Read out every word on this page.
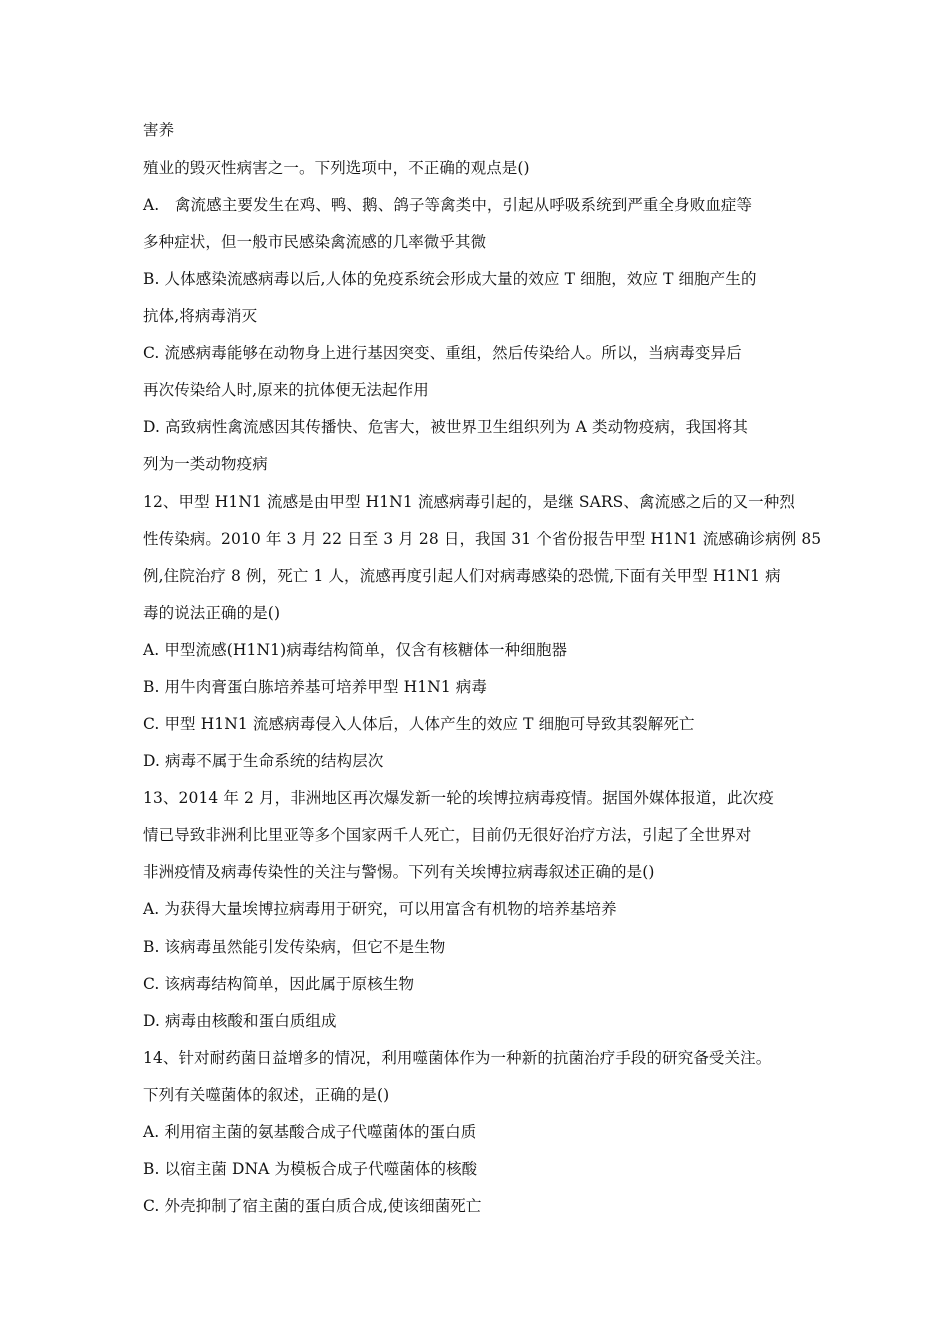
害养
殖业的毁灭性病害之一。下列选项中，不正确的观点是()
A.　禽流感主要发生在鸡、鸭、鹅、鸽子等禽类中，引起从呼吸系统到严重全身败血症等
多种症状，但一般市民感染禽流感的几率微乎其微
B. 人体感染流感病毒以后,人体的免疫系统会形成大量的效应 T 细胞，效应 T 细胞产生的
抗体,将病毒消灭
C. 流感病毒能够在动物身上进行基因突变、重组，然后传染给人。所以，当病毒变异后
再次传染给人时,原来的抗体便无法起作用
D. 高致病性禽流感因其传播快、危害大，被世界卫生组织列为 A 类动物疫病，我国将其
列为一类动物疫病
12、甲型 H1N1 流感是由甲型 H1N1 流感病毒引起的，是继 SARS、禽流感之后的又一种烈
性传染病。2010 年 3 月 22 日至 3 月 28 日，我国 31 个省份报告甲型 H1N1 流感确诊病例 85
例,住院治疗 8 例，死亡 1 人，流感再度引起人们对病毒感染的恐慌,下面有关甲型 H1N1 病
毒的说法正确的是()
A. 甲型流感(H1N1)病毒结构简单，仅含有核糖体一种细胞器
B. 用牛肉膏蛋白胨培养基可培养甲型 H1N1 病毒
C. 甲型 H1N1 流感病毒侵入人体后，人体产生的效应 T 细胞可导致其裂解死亡
D. 病毒不属于生命系统的结构层次
13、2014 年 2 月，非洲地区再次爆发新一轮的埃博拉病毒疫情。据国外媒体报道，此次疫
情已导致非洲利比里亚等多个国家两千人死亡，目前仍无很好治疗方法，引起了全世界对
非洲疫情及病毒传染性的关注与警惕。下列有关埃博拉病毒叙述正确的是()
A. 为获得大量埃博拉病毒用于研究，可以用富含有机物的培养基培养
B. 该病毒虽然能引发传染病，但它不是生物
C. 该病毒结构简单，因此属于原核生物
D. 病毒由核酸和蛋白质组成
14、针对耐药菌日益增多的情况，利用噬菌体作为一种新的抗菌治疗手段的研究备受关注。
下列有关噬菌体的叙述，正确的是()
A. 利用宿主菌的氨基酸合成子代噬菌体的蛋白质
B. 以宿主菌 DNA 为模板合成子代噬菌体的核酸
C. 外壳抑制了宿主菌的蛋白质合成,使该细菌死亡
